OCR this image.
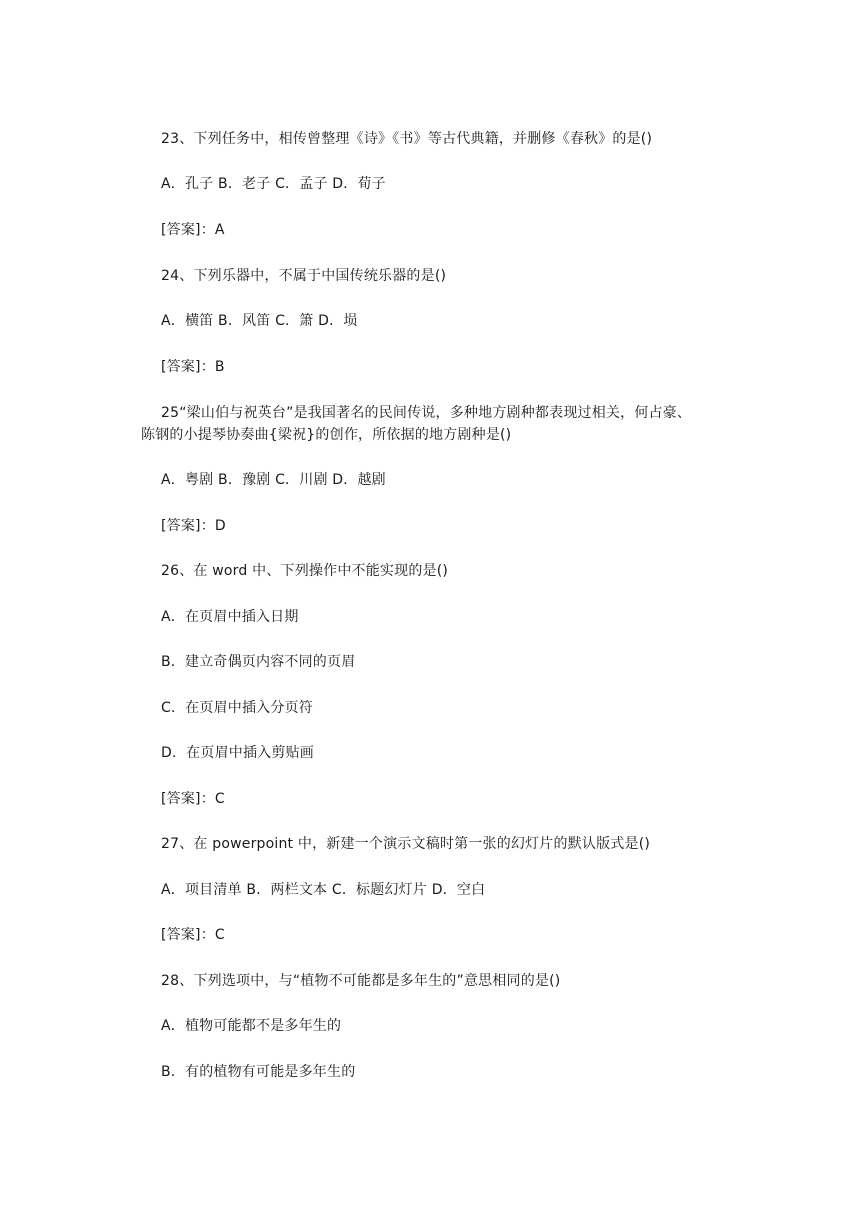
23、下列任务中，相传曾整理《诗》《书》等古代典籍，并删修《春秋》的是()
A．孔子 B．老子 C．孟子 D．荀子
[答案]：A
24、下列乐器中，不属于中国传统乐器的是()
A．横笛 B．风笛 C．箫 D．埙
[答案]：B
25“梁山伯与祝英台”是我国著名的民间传说，多种地方剧种都表现过相关，何占豪、
陈钢的小提琴协奏曲{梁祝}的创作，所依据的地方剧种是()
A．粤剧 B．豫剧 C．川剧 D．越剧
[答案]：D
26、在 word 中、下列操作中不能实现的是()
A．在页眉中插入日期
B．建立奇偶页内容不同的页眉
C．在页眉中插入分页符
D．在页眉中插入剪贴画
[答案]：C
27、在 powerpoint 中，新建一个演示文稿时第一张的幻灯片的默认版式是()
A．项目清单 B．两栏文本 C．标题幻灯片 D．空白
[答案]：C
28、下列选项中，与“植物不可能都是多年生的”意思相同的是()
A．植物可能都不是多年生的
B．有的植物有可能是多年生的
